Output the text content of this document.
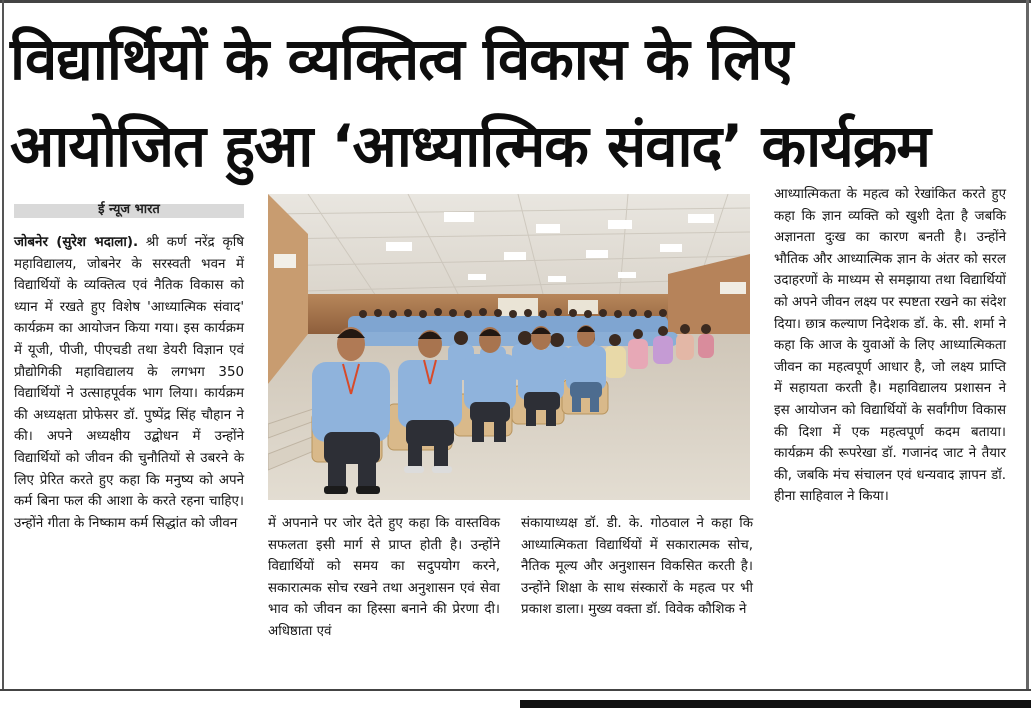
विद्यार्थियों के व्यक्तित्व विकास के लिए
आयोजित हुआ ‘आध्यात्मिक संवाद’ कार्यक्रम
ई न्यूज भारत

जोबनेर (सुरेश भदाला). श्री कर्ण नरेंद्र कृषि महाविद्यालय, जोबनेर के सरस्वती भवन में विद्यार्थियों के व्यक्तित्व एवं नैतिक विकास को ध्यान में रखते हुए विशेष 'आध्यात्मिक संवाद' कार्यक्रम का आयोजन किया गया। इस कार्यक्रम में यूजी, पीजी, पीएचडी तथा डेयरी विज्ञान एवं प्रौद्योगिकी महाविद्यालय के लगभग 350 विद्यार्थियों ने उत्साहपूर्वक भाग लिया। कार्यक्रम की अध्यक्षता प्रोफेसर डॉ. पुष्पेंद्र सिंह चौहान ने की। अपने अध्यक्षीय उद्बोधन में उन्होंने विद्यार्थियों को जीवन की चुनौतियों से उबरने के लिए प्रेरित करते हुए कहा कि मनुष्य को अपने कर्म बिना फल की आशा के करते रहना चाहिए। उन्होंने गीता के निष्काम कर्म सिद्धांत को जीवन	में अपनाने पर जोर देते हुए कहा कि वास्तविक सफलता इसी मार्ग से प्राप्त होती है। उन्होंने विद्यार्थियों को समय का सदुपयोग करने, सकारात्मक सोच रखने तथा अनुशासन एवं सेवा भाव को जीवन का हिस्सा बनाने की प्रेरणा दी। अधिष्ठाता एवं

संकायाध्यक्ष डॉ. डी. के. गोठवाल ने कहा कि आध्यात्मिकता विद्यार्थियों में सकारात्मक सोच, नैतिक मूल्य और अनुशासन विकसित करती है। उन्होंने शिक्षा के साथ संस्कारों के महत्व पर भी प्रकाश डाला। मुख्य वक्ता डॉ. विवेक कौशिक ने

आध्यात्मिकता के महत्व को रेखांकित करते हुए कहा कि ज्ञान व्यक्ति को खुशी देता है जबकि अज्ञानता दुःख का कारण बनती है। उन्होंने भौतिक और आध्यात्मिक ज्ञान के अंतर को सरल उदाहरणों के माध्यम से समझाया तथा विद्यार्थियों को अपने जीवन लक्ष्य पर स्पष्टता रखने का संदेश दिया। छात्र कल्याण निदेशक डॉ. के. सी. शर्मा ने कहा कि आज के युवाओं के लिए आध्यात्मिकता जीवन का महत्वपूर्ण आधार है, जो लक्ष्य प्राप्ति में सहायता करती है। महाविद्यालय प्रशासन ने इस आयोजन को विद्यार्थियों के सर्वांगीण विकास की दिशा में एक महत्वपूर्ण कदम बताया। कार्यक्रम की रूपरेखा डॉ. गजानंद जाट ने तैयार की, जबकि मंच संचालन एवं धन्यवाद ज्ञापन डॉ. हीना साहिवाल ने किया।
